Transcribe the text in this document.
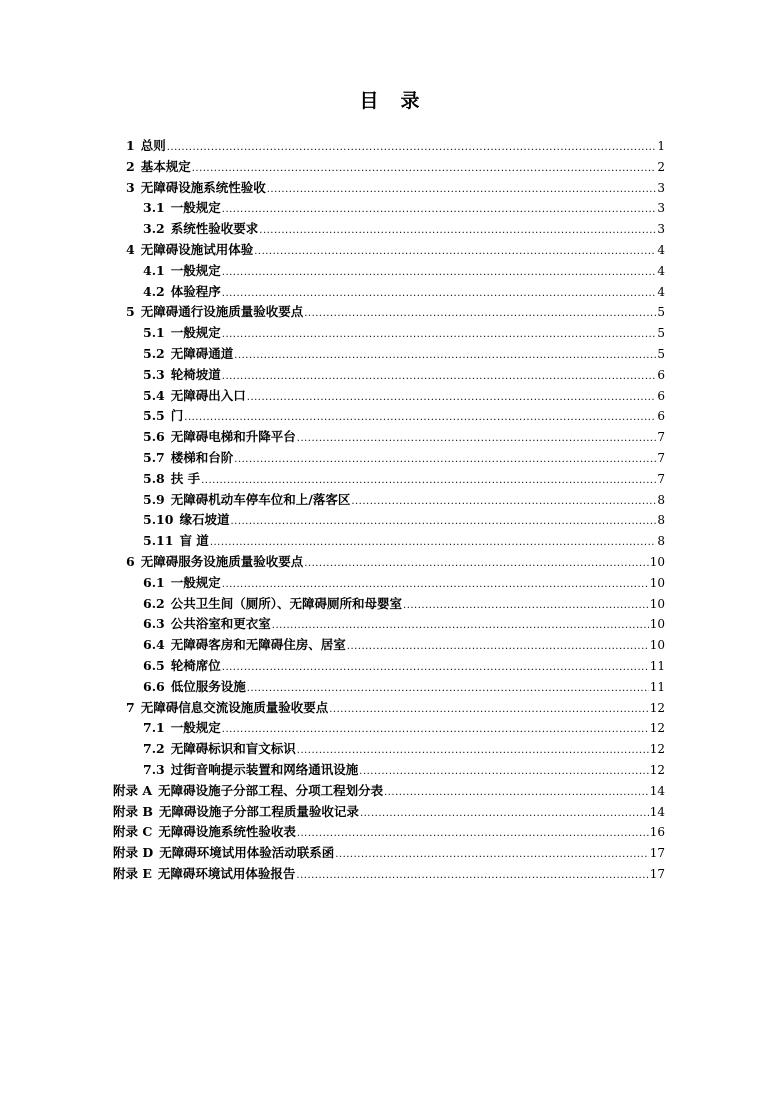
目 录
1 总则 .....	1
2 基本规定 .....	2
3 无障碍设施系统性验收 .....	3
3.1 一般规定 .....	3
3.2 系统性验收要求 .....	3
4 无障碍设施试用体验 .....	4
4.1 一般规定 .....	4
4.2 体验程序 .....	4
5 无障碍通行设施质量验收要点 .....	5
5.1 一般规定 .....	5
5.2 无障碍通道 .....	5
5.3 轮椅坡道 .....	6
5.4 无障碍出入口 .....	6
5.5 门 .....	6
5.6 无障碍电梯和升降平台 .....	7
5.7 楼梯和台阶 .....	7
5.8 扶 手 .....	7
5.9 无障碍机动车停车位和上/落客区 .....	8
5.10 缘石坡道 .....	8
5.11 盲 道 .....	8
6 无障碍服务设施质量验收要点 .....	10
6.1 一般规定 .....	10
6.2 公共卫生间（厕所）、无障碍厕所和母婴室 .....	10
6.3 公共浴室和更衣室 .....	10
6.4 无障碍客房和无障碍住房、居室 .....	10
6.5 轮椅席位 .....	11
6.6 低位服务设施 .....	11
7 无障碍信息交流设施质量验收要点 .....	12
7.1 一般规定 .....	12
7.2 无障碍标识和盲文标识 .....	12
7.3 过街音响提示装置和网络通讯设施 .....	12
附录 A 无障碍设施子分部工程、分项工程划分表 .....	14
附录 B 无障碍设施子分部工程质量验收记录 .....	14
附录 C 无障碍设施系统性验收表 .....	16
附录 D 无障碍环境试用体验活动联系函 .....	17
附录 E 无障碍环境试用体验报告 .....	17
